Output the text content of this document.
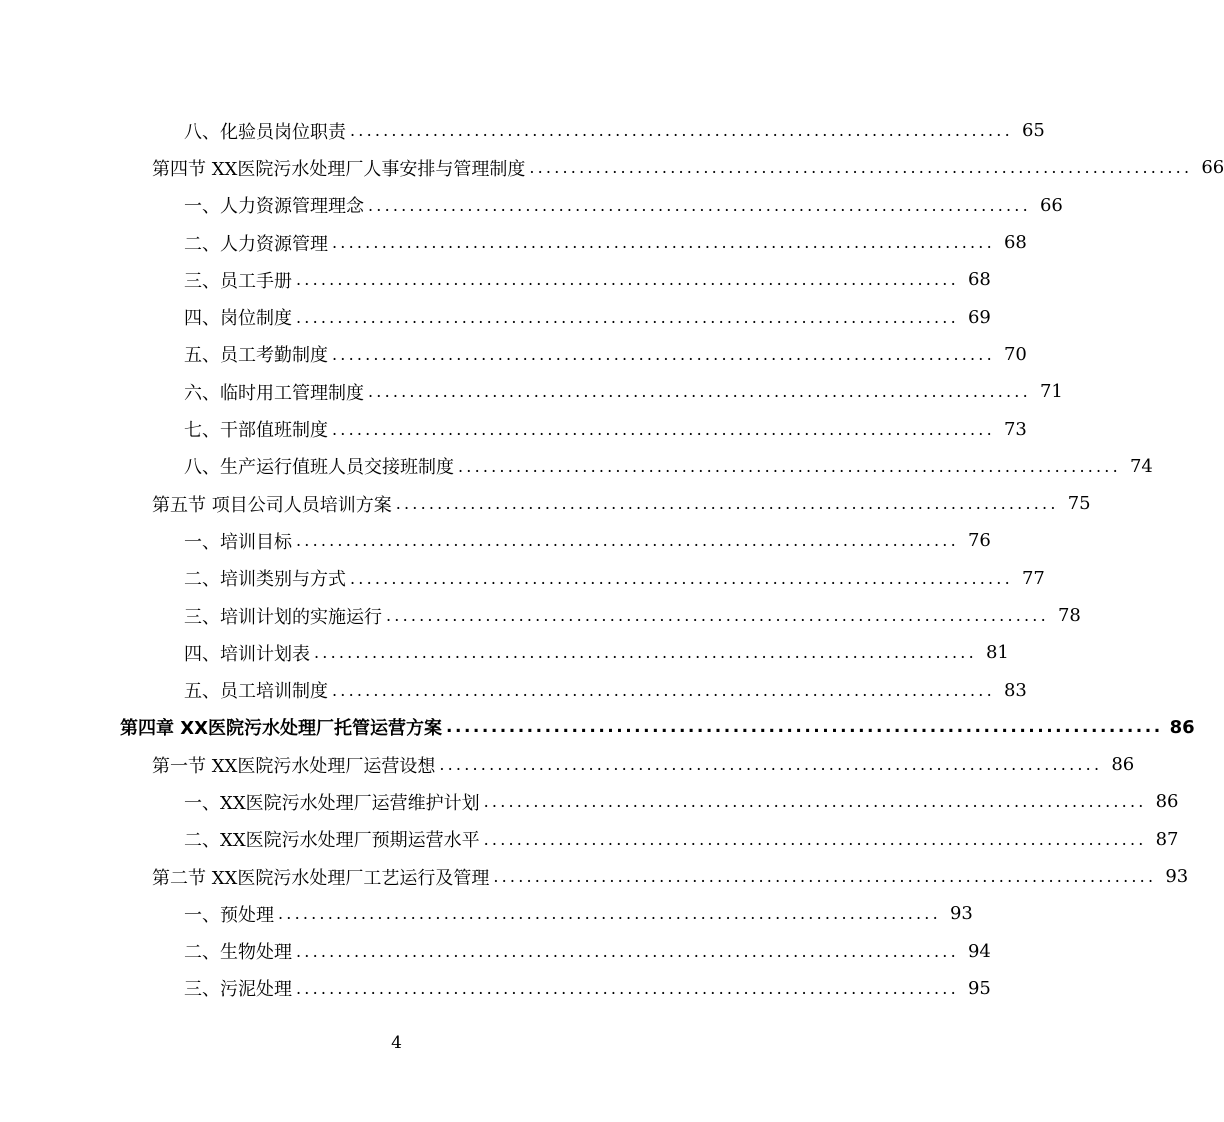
八、化验员岗位职责 ................................................................................ 65
第四节 XX医院污水处理厂人事安排与管理制度 ................................................................................ 66
一、人力资源管理理念 ................................................................................ 66
二、人力资源管理 ................................................................................ 68
三、员工手册 ................................................................................ 68
四、岗位制度 ................................................................................ 69
五、员工考勤制度 ................................................................................ 70
六、临时用工管理制度 ................................................................................ 71
七、干部值班制度 ................................................................................ 73
八、生产运行值班人员交接班制度 ................................................................................ 74
第五节 项目公司人员培训方案 ................................................................................ 75
一、培训目标 ................................................................................ 76
二、培训类别与方式 ................................................................................ 77
三、培训计划的实施运行 ................................................................................ 78
四、培训计划表 ................................................................................ 81
五、员工培训制度 ................................................................................ 83
第四章 XX医院污水处理厂托管运营方案 ................................................................................ 86
第一节 XX医院污水处理厂运营设想 ................................................................................ 86
一、XX医院污水处理厂运营维护计划 ................................................................................ 86
二、XX医院污水处理厂预期运营水平 ................................................................................ 87
第二节 XX医院污水处理厂工艺运行及管理 ................................................................................ 93
一、预处理 ................................................................................ 93
二、生物处理 ................................................................................ 94
三、污泥处理 ................................................................................ 95
4
